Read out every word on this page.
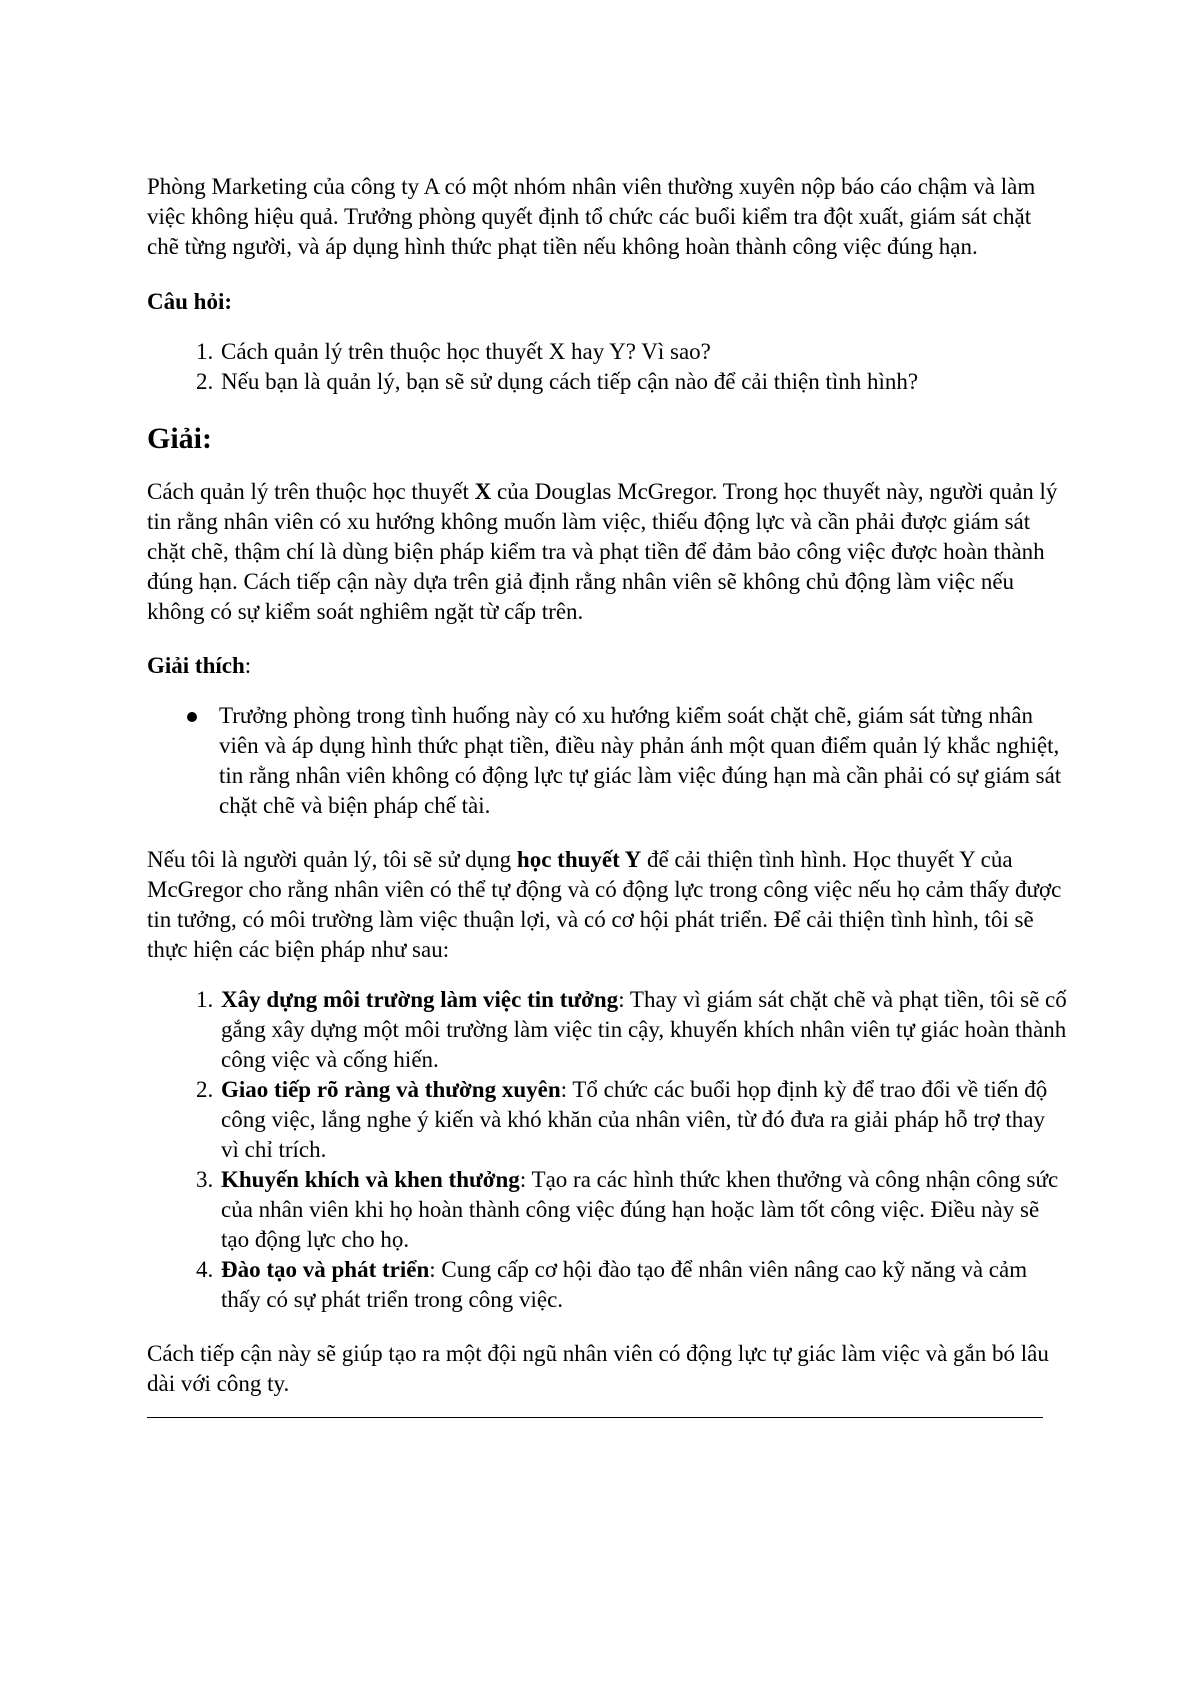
Phòng Marketing của công ty A có một nhóm nhân viên thường xuyên nộp báo cáo chậm và làm việc không hiệu quả. Trưởng phòng quyết định tổ chức các buổi kiểm tra đột xuất, giám sát chặt chẽ từng người, và áp dụng hình thức phạt tiền nếu không hoàn thành công việc đúng hạn.

Câu hỏi:

1. Cách quản lý trên thuộc học thuyết X hay Y? Vì sao?
2. Nếu bạn là quản lý, bạn sẽ sử dụng cách tiếp cận nào để cải thiện tình hình?

Giải:

Cách quản lý trên thuộc học thuyết X của Douglas McGregor. Trong học thuyết này, người quản lý tin rằng nhân viên có xu hướng không muốn làm việc, thiếu động lực và cần phải được giám sát chặt chẽ, thậm chí là dùng biện pháp kiểm tra và phạt tiền để đảm bảo công việc được hoàn thành đúng hạn. Cách tiếp cận này dựa trên giả định rằng nhân viên sẽ không chủ động làm việc nếu không có sự kiểm soát nghiêm ngặt từ cấp trên.

Giải thích:

Trưởng phòng trong tình huống này có xu hướng kiểm soát chặt chẽ, giám sát từng nhân viên và áp dụng hình thức phạt tiền, điều này phản ánh một quan điểm quản lý khắc nghiệt, tin rằng nhân viên không có động lực tự giác làm việc đúng hạn mà cần phải có sự giám sát chặt chẽ và biện pháp chế tài.

Nếu tôi là người quản lý, tôi sẽ sử dụng học thuyết Y để cải thiện tình hình. Học thuyết Y của McGregor cho rằng nhân viên có thể tự động và có động lực trong công việc nếu họ cảm thấy được tin tưởng, có môi trường làm việc thuận lợi, và có cơ hội phát triển. Để cải thiện tình hình, tôi sẽ thực hiện các biện pháp như sau:

1. Xây dựng môi trường làm việc tin tưởng: Thay vì giám sát chặt chẽ và phạt tiền, tôi sẽ cố gắng xây dựng một môi trường làm việc tin cậy, khuyến khích nhân viên tự giác hoàn thành công việc và cống hiến.
2. Giao tiếp rõ ràng và thường xuyên: Tổ chức các buổi họp định kỳ để trao đổi về tiến độ công việc, lắng nghe ý kiến và khó khăn của nhân viên, từ đó đưa ra giải pháp hỗ trợ thay vì chỉ trích.
3. Khuyến khích và khen thưởng: Tạo ra các hình thức khen thưởng và công nhận công sức của nhân viên khi họ hoàn thành công việc đúng hạn hoặc làm tốt công việc. Điều này sẽ tạo động lực cho họ.
4. Đào tạo và phát triển: Cung cấp cơ hội đào tạo để nhân viên nâng cao kỹ năng và cảm thấy có sự phát triển trong công việc.

Cách tiếp cận này sẽ giúp tạo ra một đội ngũ nhân viên có động lực tự giác làm việc và gắn bó lâu dài với công ty.
